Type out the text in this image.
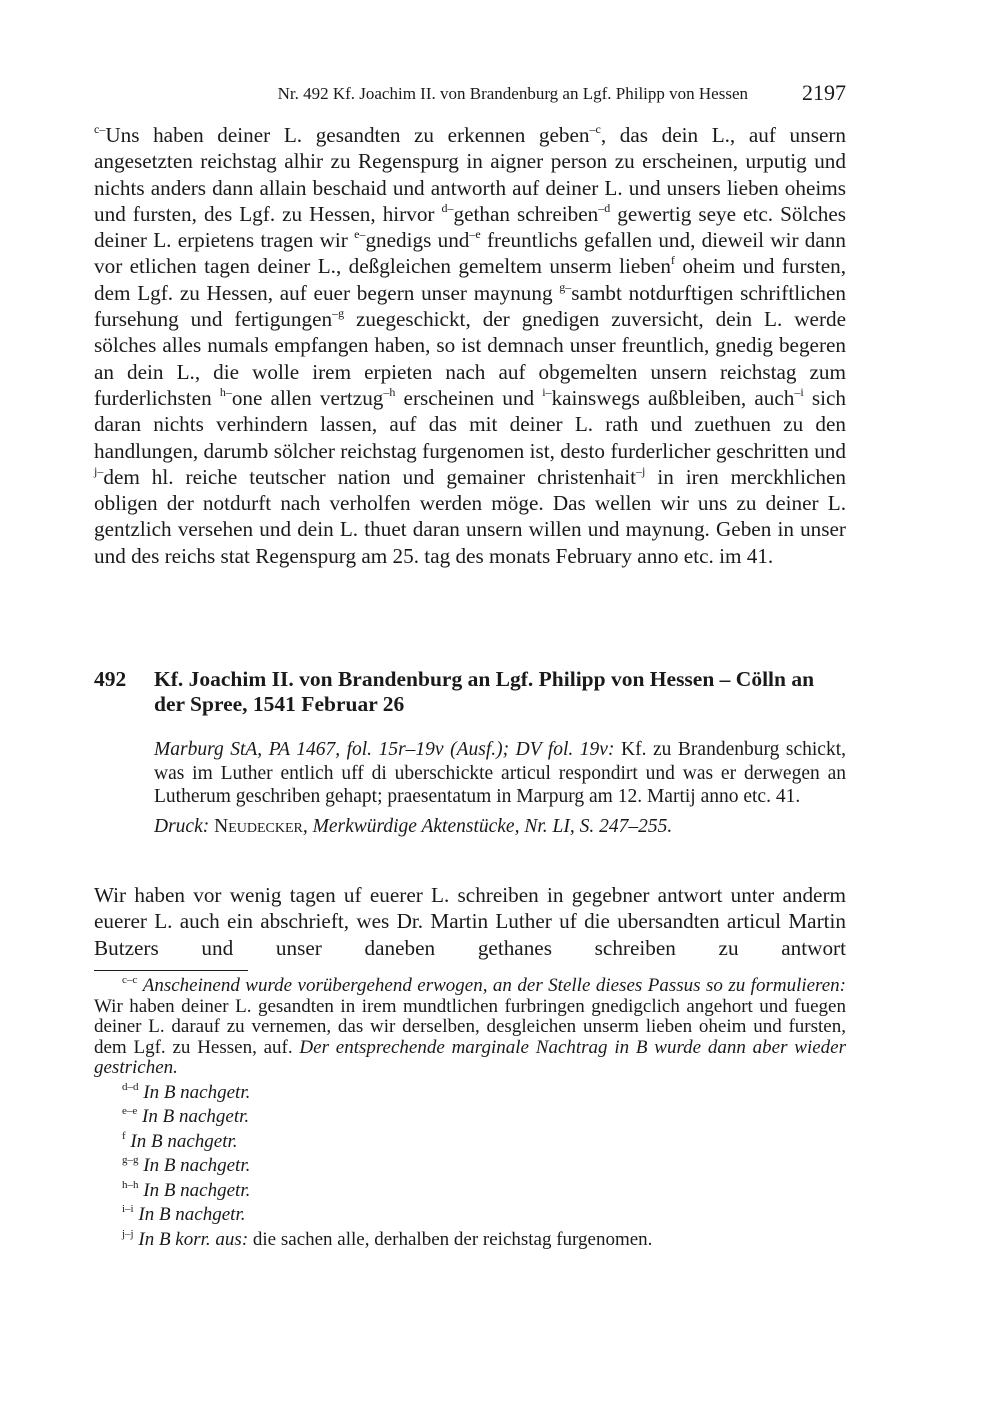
Nr. 492 Kf. Joachim II. von Brandenburg an Lgf. Philipp von Hessen 2197

$^{c-}$Uns haben deiner L. gesandten zu erkennen geben$^{-c}$, das dein L., auf unsern angesetzten reichstag alhir zu Regenspurg in aigner person zu erscheinen, urputig und nichts anders dann allain beschaid und antworth auf deiner L. und unsers lieben oheims und fursten, des Lgf. zu Hessen, hirvor $^{d-}$gethan schreiben$^{-d}$ gewertig seye etc. Sölches deiner L. erpietens tragen wir $^{e-}$gnedigs und$^{-e}$ freuntlichs gefallen und, dieweil wir dann vor etlichen tagen deiner L., deßgleichen gemeltem unserm lieben$^f$ oheim und fursten, dem Lgf. zu Hessen, auf euer begern unser maynung $^{g-}$sambt notdurftigen schriftlichen fursehung und fertigungen$^{-g}$ zuegeschickt, der gnedigen zuversicht, dein L. werde sölches alles numals empfangen haben, so ist demnach unser freuntlich, gnedig begeren an dein L., die wolle irem erpieten nach auf obgemelten unsern reichstag zum furderlichsten $^{h-}$one allen vertzug$^{-h}$ erscheinen und $^{i-}$kainswegs außbleiben, auch$^{-i}$ sich daran nichts verhindern lassen, auf das mit deiner L. rath und zuethuen zu den handlungen, darumb sölcher reichstag furgenomen ist, desto furderlicher geschritten und $^{j-}$dem hl. reiche teutscher nation und gemainer christenhait$^{-j}$ in iren merckhlichen obligen der notdurft nach verholfen werden möge. Das wellen wir uns zu deiner L. gentzlich versehen und dein L. thuet daran unsern willen und maynung. Geben in unser und des reichs stat Regenspurg am 25. tag des monats February anno etc. im 41.

492 Kf. Joachim II. von Brandenburg an Lgf. Philipp von Hessen – Cölln an der Spree, 1541 Februar 26

Marburg StA, PA 1467, fol. 15r–19v (Ausf.); DV fol. 19v: Kf. zu Brandenburg schickt, was im Luther entlich uff di uberschickte articul respondirt und was er derwegen an Lutherum geschriben gehapt; praesentatum in Marpurg am 12. Martij anno etc. 41.

Druck: Neudecker, Merkwürdige Aktenstücke, Nr. LI, S. 247–255.

Wir haben vor wenig tagen uf euerer L. schreiben in gegebner antwort unter anderm euerer L. auch ein abschrieft, wes Dr. Martin Luther uf die ubersandten articul Martin Butzers und unser daneben gethanes schreiben zu antwort

$^{c-c}$ Anscheinend wurde vorübergehend erwogen, an der Stelle dieses Passus so zu formulieren: Wir haben deiner L. gesandten in irem mundtlichen furbringen gnedigclich angehort und fuegen deiner L. darauf zu vernemen, das wir derselben, desgleichen unserm lieben oheim und fursten, dem Lgf. zu Hessen, auf. Der entsprechende marginale Nachtrag in B wurde dann aber wieder gestrichen.

$^{d-d}$ In B nachgetr.

$^{e-e}$ In B nachgetr.

$^f$ In B nachgetr.

$^{g-g}$ In B nachgetr.

$^{h-h}$ In B nachgetr.

$^{i-i}$ In B nachgetr.

$^{j-j}$ In B korr. aus: die sachen alle, derhalben der reichstag furgenomen.
